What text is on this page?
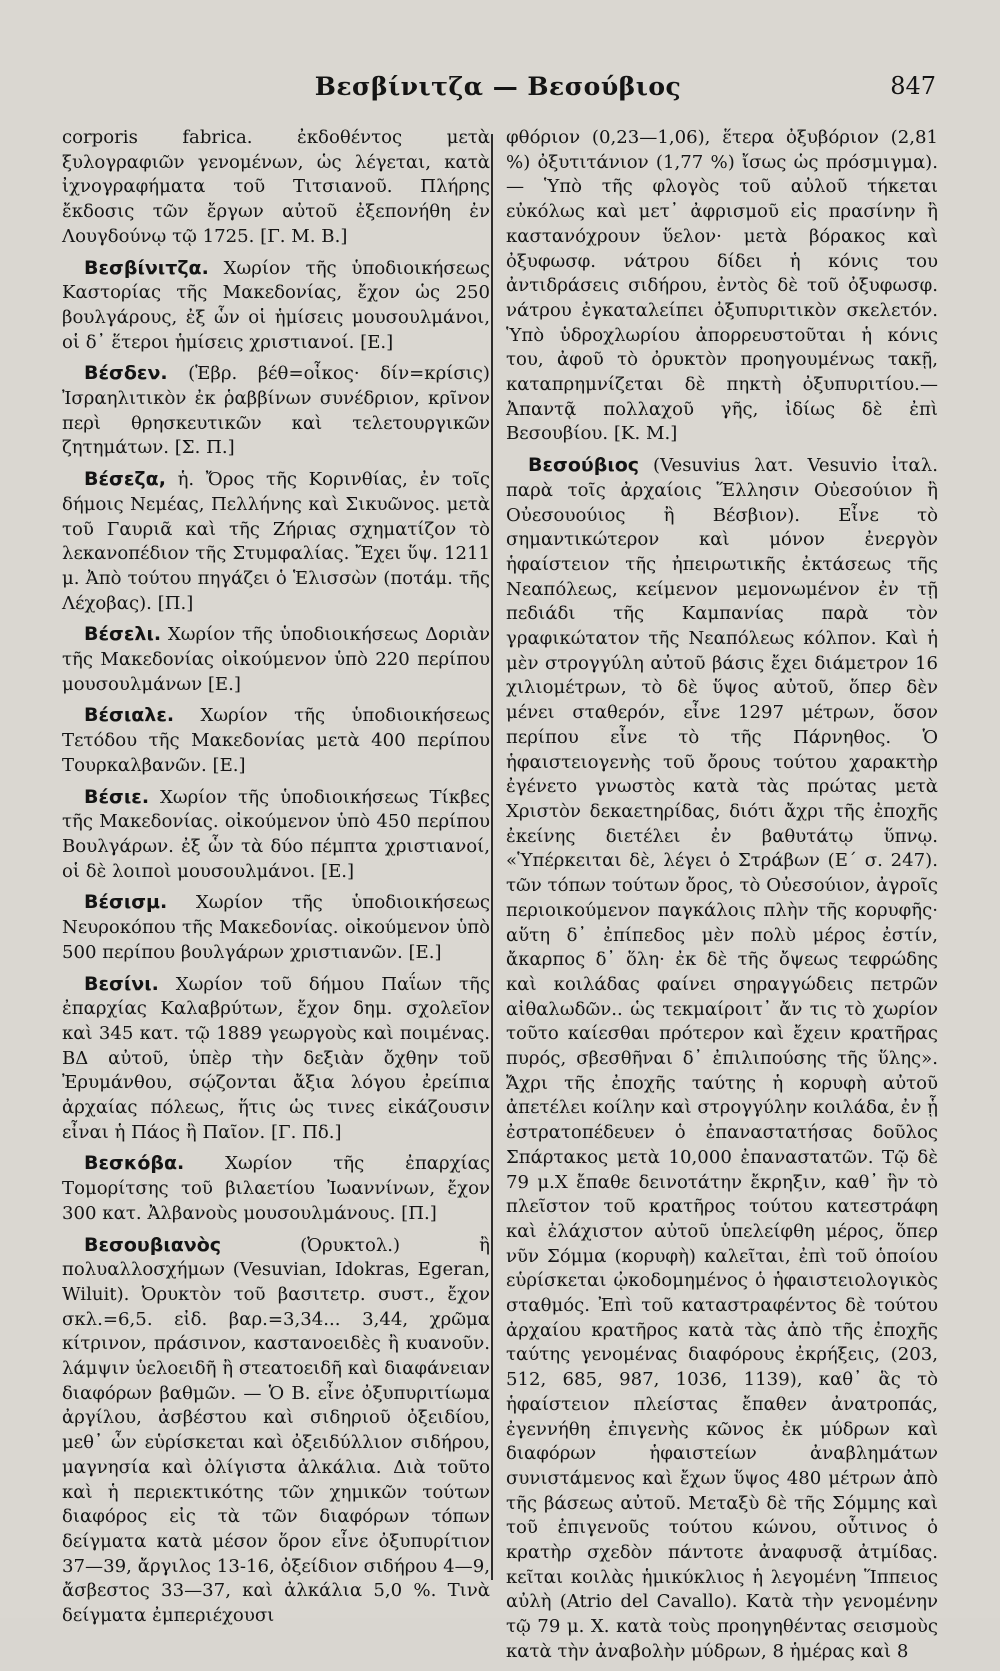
Βεσβίνιτζα — Βεσούβιος	847

corporis fabrica. ἐκδοθέντος μετὰ ξυλογραφιῶν γενομένων, ὡς λέγεται, κατὰ ἰχνογραφήματα τοῦ Τιτσιανοῦ. Πλήρης ἔκδοσις τῶν ἔργων αὐτοῦ ἐξεπονήθη ἐν Λουγδούνῳ τῷ 1725. [Γ. Μ. Β.]

Βεσβίνιτζα. Χωρίον τῆς ὑποδιοικήσεως Καστορίας τῆς Μακεδονίας, ἔχον ὡς 250 βουλγάρους, ἐξ ὧν οἱ ἡμίσεις μουσουλμάνοι, οἱ δ᾿ ἕτεροι ἡμίσεις χριστιανοί. [Ε.]

Βέσδεν. (Ἑβρ. βέθ=οἶκος· δίν=κρίσις) Ἰσραηλιτικὸν ἐκ ῥαββίνων συνέδριον, κρῖνον περὶ θρησκευτικῶν καὶ τελετουργικῶν ζητημάτων. [Σ. Π.]

Βέσεζα, ἡ. Ὄρος τῆς Κορινθίας, ἐν τοῖς δήμοις Νεμέας, Πελλήνης καὶ Σικυῶνος. μετὰ τοῦ Γαυριᾶ καὶ τῆς Ζήριας σχηματίζον τὸ λεκανοπέδιον τῆς Στυμφαλίας. Ἔχει ὕψ. 1211 μ. Ἀπὸ τούτου πηγάζει ὁ Ἑλισσὼν (ποτάμ. τῆς Λέχοβας). [Π.]

Βέσελι. Χωρίον τῆς ὑποδιοικήσεως Δοριὰν τῆς Μακεδονίας οἰκούμενον ὑπὸ 220 περίπου μουσουλμάνων [Ε.]

Βέσιαλε. Χωρίον τῆς ὑποδιοικήσεως Τετόδου τῆς Μακεδονίας μετὰ 400 περίπου Τουρκαλβανῶν. [Ε.]

Βέσιε. Χωρίον τῆς ὑποδιοικήσεως Τίκβες τῆς Μακεδονίας. οἰκούμενον ὑπὸ 450 περίπου Βουλγάρων. ἐξ ὧν τὰ δύο πέμπτα χριστιανοί, οἱ δὲ λοιποὶ μουσουλμάνοι. [Ε.]

Βέσισμ. Χωρίον τῆς ὑποδιοικήσεως Νευροκόπου τῆς Μακεδονίας. οἰκούμενον ὑπὸ 500 περίπου βουλγάρων χριστιανῶν. [Ε.]

Βεσίνι. Χωρίον τοῦ δήμου Παΐων τῆς ἐπαρχίας Καλαβρύτων, ἔχον δημ. σχολεῖον καὶ 345 κατ. τῷ 1889 γεωργοὺς καὶ ποιμένας. ΒΔ αὐτοῦ, ὑπὲρ τὴν δεξιὰν ὄχθην τοῦ Ἐρυμάνθου, σῴζονται ἄξια λόγου ἐρείπια ἀρχαίας πόλεως, ἥτις ὡς τινες εἰκάζουσιν εἶναι ἡ Πάος ἢ Παῖον. [Γ. Πδ.]

Βεσκόβα. Χωρίον τῆς ἐπαρχίας Τομορίτσης τοῦ βιλαετίου Ἰωαννίνων, ἔχον 300 κατ. Ἀλβανοὺς μουσουλμάνους. [Π.]

Βεσουβιανὸς	(Ὀρυκτολ.) ἢ πολυαλλοσχήμων (Vesuvian, Idokras, Egeran, Wiluit). Ὀρυκτὸν τοῦ βασιτετρ. συστ., ἔχον σκλ.=6,5. εἰδ. βαρ.=3,34... 3,44, χρῶμα κίτρινον, πράσινον, καστανοειδὲς ἢ κυανοῦν. λάμψιν ὑελοειδῆ ἢ στεατοειδῆ καὶ διαφάνειαν διαφόρων βαθμῶν. — Ὁ Β. εἶνε ὀξυπυριτίωμα ἀργίλου, ἀσβέστου καὶ σιδηριοῦ ὀξειδίου, μεθ᾿ ὧν εὑρίσκεται καὶ ὀξειδύλλιον σιδήρου, μαγνησία καὶ ὀλίγιστα ἀλκάλια. Διὰ τοῦτο καὶ ἡ περιεκτικότης τῶν χημικῶν τούτων διαφόρος εἰς τὰ τῶν διαφόρων τόπων δείγματα κατὰ μέσον ὅρον εἶνε ὀξυπυρίτιον 37—39, ἄργιλος 13-16, ὀξείδιον σιδήρου 4—9, ἄσβεστος 33—37, καὶ ἀλκάλια 5,0 %. Τινὰ δείγματα ἐμπεριέχουσι

φθόριον (0,23—1,06), ἕτερα ὀξυβόριον (2,81 %) ὀξυτιτάνιον (1,77 %) ἴσως ὡς πρόσμιγμα). — Ὑπὸ τῆς φλογὸς τοῦ αὐλοῦ τήκεται εὐκόλως καὶ μετ᾿ ἀφρισμοῦ εἰς πρασίνην ἢ καστανόχρουν ὕελον· μετὰ βόρακος καὶ ὀξυφωσφ. νάτρου δίδει ἡ κόνις του ἀντιδράσεις σιδήρου, ἐντὸς δὲ τοῦ ὀξυφωσφ. νάτρου ἐγκαταλείπει ὀξυπυριτικὸν σκελετόν. Ὑπὸ ὑδροχλωρίου ἀπορρευστοῦται ἡ κόνις του, ἀφοῦ τὸ ὀρυκτὸν προηγουμένως τακῇ, καταπρημνίζεται δὲ πηκτὴ ὀξυπυριτίου.— Ἀπαντᾷ πολλαχοῦ γῆς, ἰδίως δὲ ἐπὶ Βεσουβίου. [Κ. Μ.]

Βεσούβιος (Vesuvius λατ. Vesuvio ἰταλ. παρὰ τοῖς ἀρχαίοις Ἕλλησιν Οὐεσούιον ἢ Οὐεσουούιος ἢ Βέσβιον). Εἶνε τὸ σημαντικώτερον καὶ μόνον ἐνεργὸν ἡφαίστειον τῆς ἠπειρωτικῆς ἐκτάσεως τῆς Νεαπόλεως, κείμενον μεμονωμένον ἐν τῇ πεδιάδι τῆς Καμπανίας παρὰ τὸν γραφικώτατον τῆς Νεαπόλεως κόλπον. Καὶ ἡ μὲν στρογγύλη αὐτοῦ βάσις ἔχει διάμετρον 16 χιλιομέτρων, τὸ δὲ ὕψος αὐτοῦ, ὅπερ δὲν μένει σταθερόν, εἶνε 1297 μέτρων, ὅσον περίπου εἶνε τὸ τῆς Πάρνηθος. Ὁ ἡφαιστειογενὴς τοῦ ὄρους τούτου χαρακτὴρ ἐγένετο γνωστὸς κατὰ τὰς πρώτας μετὰ Χριστὸν δεκαετηρίδας, διότι ἄχρι τῆς ἐποχῆς ἐκείνης διετέλει ἐν βαθυτάτῳ ὕπνῳ. «Ὑπέρκειται δὲ, λέγει ὁ Στράβων (Ε΄ σ. 247). τῶν τόπων τούτων ὄρος, τὸ Οὐεσούιον, ἀγροῖς περιοικούμενον παγκάλοις πλὴν τῆς κορυφῆς· αὕτη δ᾿ ἐπίπεδος μὲν πολὺ μέρος ἐστίν, ἄκαρπος δ᾿ ὅλη· ἐκ δὲ τῆς ὄψεως τεφρώδης καὶ κοιλάδας φαίνει σηραγγώδεις πετρῶν αἰθαλωδῶν.. ὡς τεκμαίροιτ᾿ ἄν τις τὸ χωρίον τοῦτο καίεσθαι πρότερον καὶ ἔχειν κρατῆρας πυρός, σβεσθῆναι δ᾿ ἐπιλιπούσης τῆς ὕλης». Ἄχρι τῆς ἐποχῆς ταύτης ἡ κορυφὴ αὐτοῦ ἀπετέλει κοίλην καὶ στρογγύλην κοιλάδα, ἐν ᾗ ἐστρατοπέδευεν ὁ ἐπαναστατήσας δοῦλος Σπάρτακος μετὰ 10,000 ἐπαναστατῶν. Τῷ δὲ 79 μ.Χ ἔπαθε δεινοτάτην ἔκρηξιν, καθ᾿ ἣν τὸ πλεῖστον τοῦ κρατῆρος τούτου κατεστράφη καὶ ἐλάχιστον αὐτοῦ ὑπελείφθη μέρος, ὅπερ νῦν Σόμμα (κορυφὴ) καλεῖται, ἐπὶ τοῦ ὁποίου εὑρίσκεται ᾠκοδομημένος ὁ ἡφαιστειολογικὸς σταθμός. Ἐπὶ τοῦ καταστραφέντος δὲ τούτου ἀρχαίου κρατῆρος κατὰ τὰς ἀπὸ τῆς ἐποχῆς ταύτης γενομένας διαφόρους ἐκρήξεις, (203, 512, 685, 987, 1036, 1139), καθ᾿ ἃς τὸ ἡφαίστειον πλείστας ἔπαθεν ἀνατροπάς, ἐγεννήθη ἐπιγενὴς κῶνος ἐκ μύδρων καὶ διαφόρων ἡφαιστείων ἀναβλημάτων συνιστάμενος καὶ ἔχων ὕψος 480 μέτρων ἀπὸ τῆς βάσεως αὐτοῦ. Μεταξὺ δὲ τῆς Σόμμης καὶ τοῦ ἐπιγενοῦς τούτου κώνου, οὗτινος ὁ κρατὴρ σχεδὸν πάντοτε ἀναφυσᾷ ἀτμίδας. κεῖται κοιλὰς ἡμικύκλιος ἡ λεγομένη Ἵππειος αὐλὴ (Atrio del Cavallo). Κατὰ τὴν γενομένην τῷ 79 μ. Χ. κατὰ τοὺς προηγηθέντας σεισμοὺς κατὰ τὴν ἀναβολὴν μύδρων, 8 ἡμέρας καὶ 8
